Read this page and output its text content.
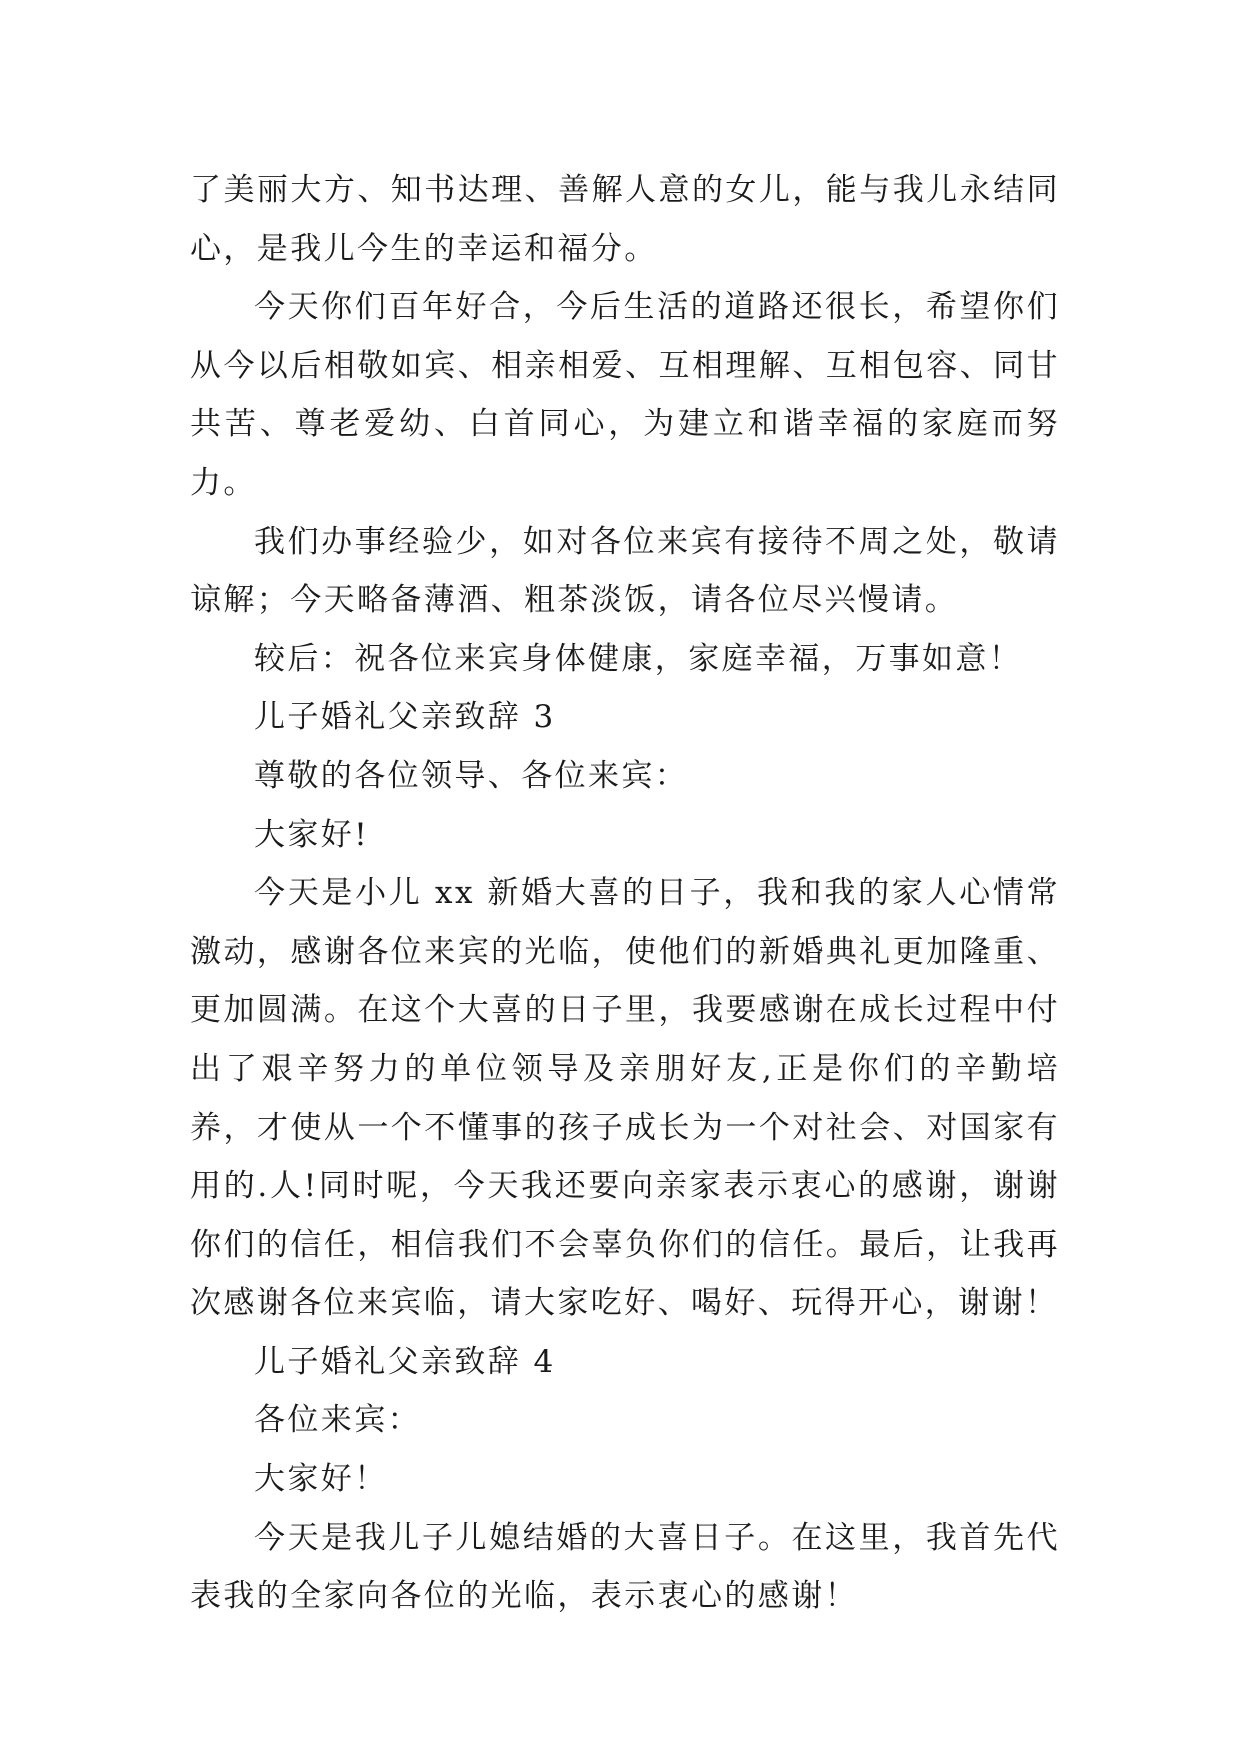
了美丽大方、知书达理、善解人意的女儿，能与我儿永结同心，是我儿今生的幸运和福分。

今天你们百年好合，今后生活的道路还很长，希望你们从今以后相敬如宾、相亲相爱、互相理解、互相包容、同甘共苦、尊老爱幼、白首同心，为建立和谐幸福的家庭而努力。

我们办事经验少，如对各位来宾有接待不周之处，敬请谅解；今天略备薄酒、粗茶淡饭，请各位尽兴慢请。

较后：祝各位来宾身体健康，家庭幸福，万事如意！

儿子婚礼父亲致辞 3

尊敬的各位领导、各位来宾：

大家好!

今天是小儿 xx 新婚大喜的日子，我和我的家人心情常激动，感谢各位来宾的光临，使他们的新婚典礼更加隆重、更加圆满。在这个大喜的日子里，我要感谢在成长过程中付出了艰辛努力的单位领导及亲朋好友,正是你们的辛勤培养，才使从一个不懂事的孩子成长为一个对社会、对国家有用的.人!同时呢，今天我还要向亲家表示衷心的感谢，谢谢你们的信任，相信我们不会辜负你们的信任。最后，让我再次感谢各位来宾临，请大家吃好、喝好、玩得开心，谢谢！

儿子婚礼父亲致辞 4

各位来宾：

大家好！

今天是我儿子儿媳结婚的大喜日子。在这里，我首先代表我的全家向各位的光临，表示衷心的感谢！
